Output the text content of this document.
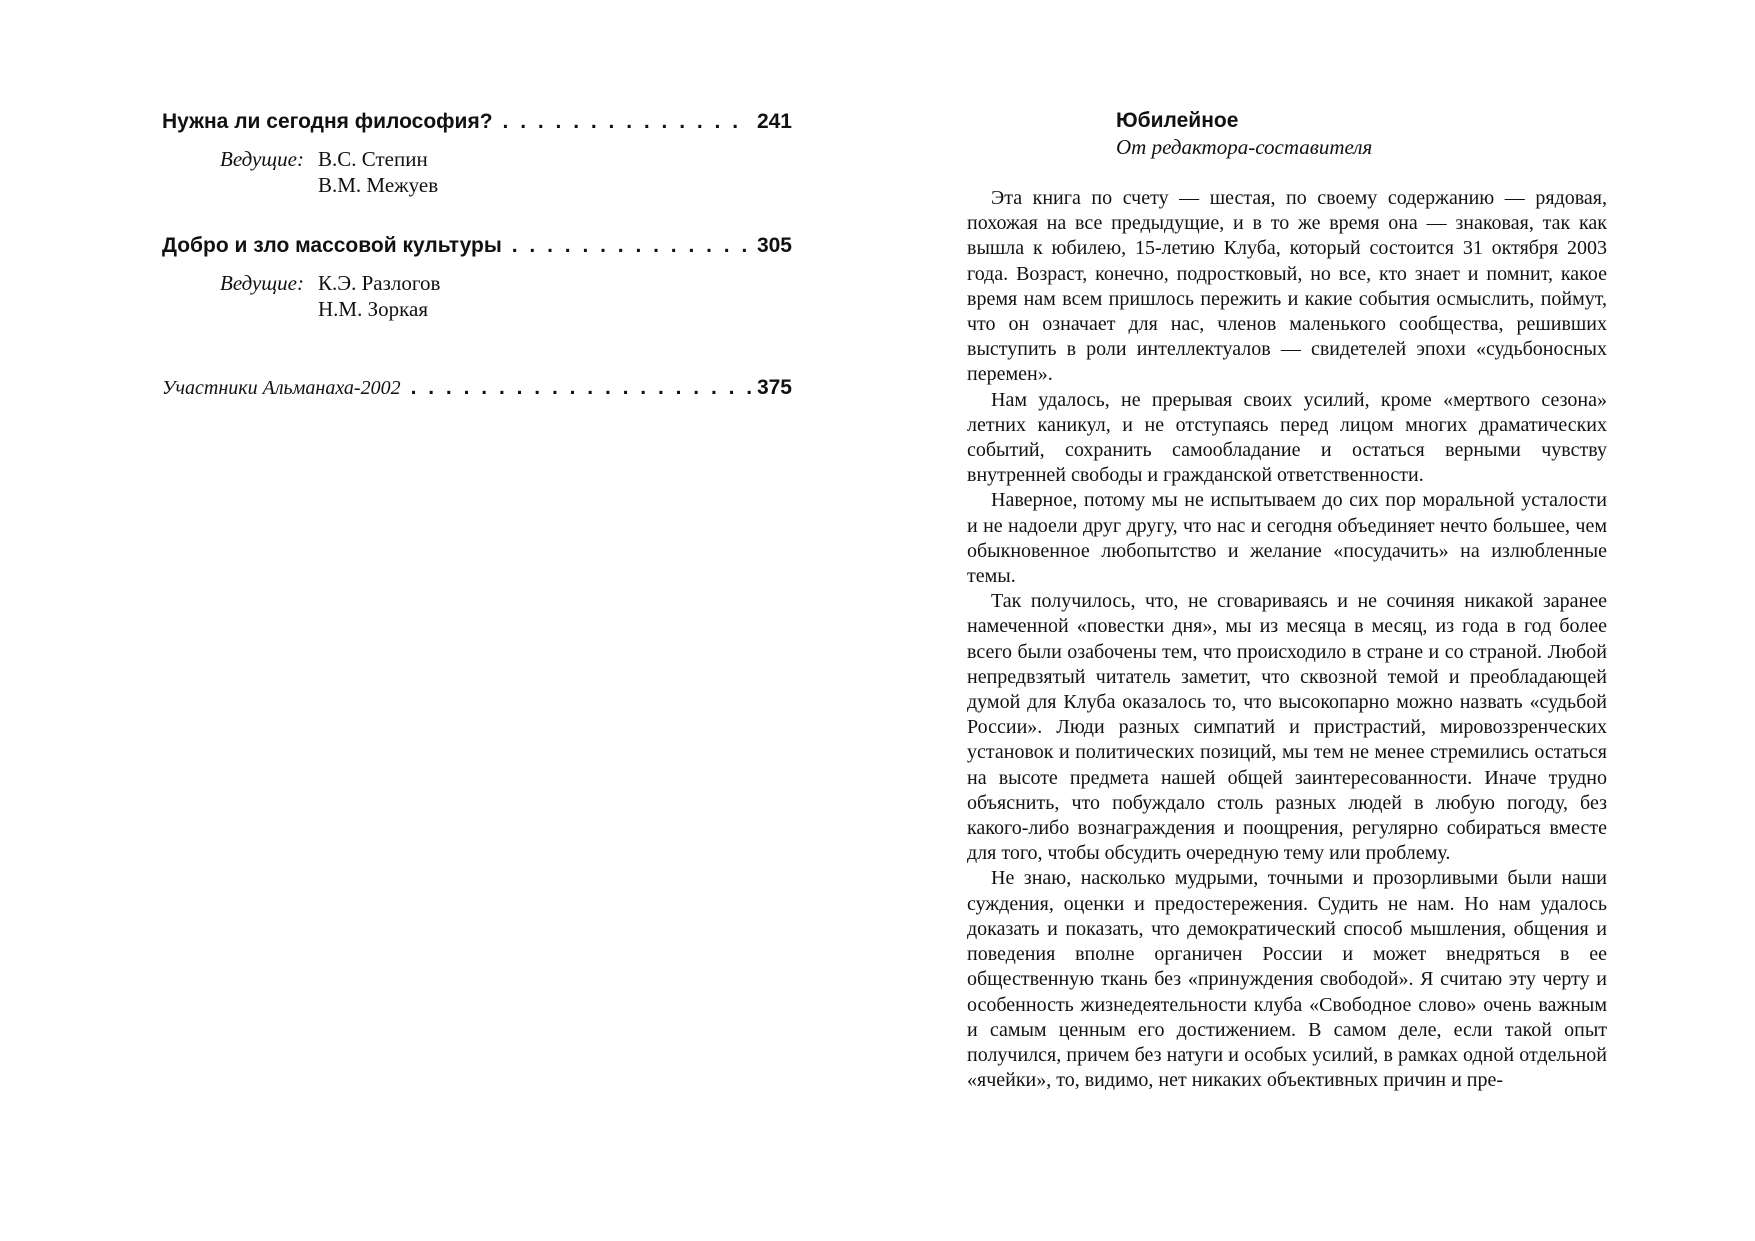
Нужна ли сегодня философия? . . .	241
Ведущие: В.С. Степин
В.М. Межуев
Добро и зло массовой культуры . . .	305
Ведущие: К.Э. Разлогов
Н.М. Зоркая
Участники Альманаха-2002 . . .	375
Юбилейное
От редактора-составителя

Эта книга по счету — шестая, по своему содержанию — рядовая, похожая на все предыдущие, и в то же время она — знаковая, так как вышла к юбилею, 15-летию Клуба, который состоится 31 октября 2003 года. Возраст, конечно, подростковый, но все, кто знает и помнит, какое время нам всем пришлось пережить и какие события осмыслить, поймут, что он означает для нас, членов маленького сообщества, решивших выступить в роли интеллектуалов — свидетелей эпохи «судьбоносных перемен».

Нам удалось, не прерывая своих усилий, кроме «мертвого сезона» летних каникул, и не отступаясь перед лицом многих драматических событий, сохранить самообладание и остаться верными чувству внутренней свободы и гражданской ответственности.

Наверное, потому мы не испытываем до сих пор моральной усталости и не надоели друг другу, что нас и сегодня объединяет нечто большее, чем обыкновенное любопытство и желание «посудачить» на излюбленные темы.

Так получилось, что, не сговариваясь и не сочиняя никакой заранее намеченной «повестки дня», мы из месяца в месяц, из года в год более всего были озабочены тем, что происходило в стране и со страной. Любой непредвзятый читатель заметит, что сквозной темой и преобладающей думой для Клуба оказалось то, что высокопарно можно назвать «судьбой России». Люди разных симпатий и пристрастий, мировоззренческих установок и политических позиций, мы тем не менее стремились остаться на высоте предмета нашей общей заинтересованности. Иначе трудно объяснить, что побуждало столь разных людей в любую погоду, без какого-либо вознаграждения и поощрения, регулярно собираться вместе для того, чтобы обсудить очередную тему или проблему.

Не знаю, насколько мудрыми, точными и прозорливыми были наши суждения, оценки и предостережения. Судить не нам. Но нам удалось доказать и показать, что демократический способ мышления, общения и поведения вполне органичен России и может внедряться в ее общественную ткань без «принуждения свободой». Я считаю эту черту и особенность жизнедеятельности клуба «Свободное слово» очень важным и самым ценным его достижением. В самом деле, если такой опыт получился, причем без натуги и особых усилий, в рамках одной отдельной «ячейки», то, видимо, нет никаких объективных причин и пре-
